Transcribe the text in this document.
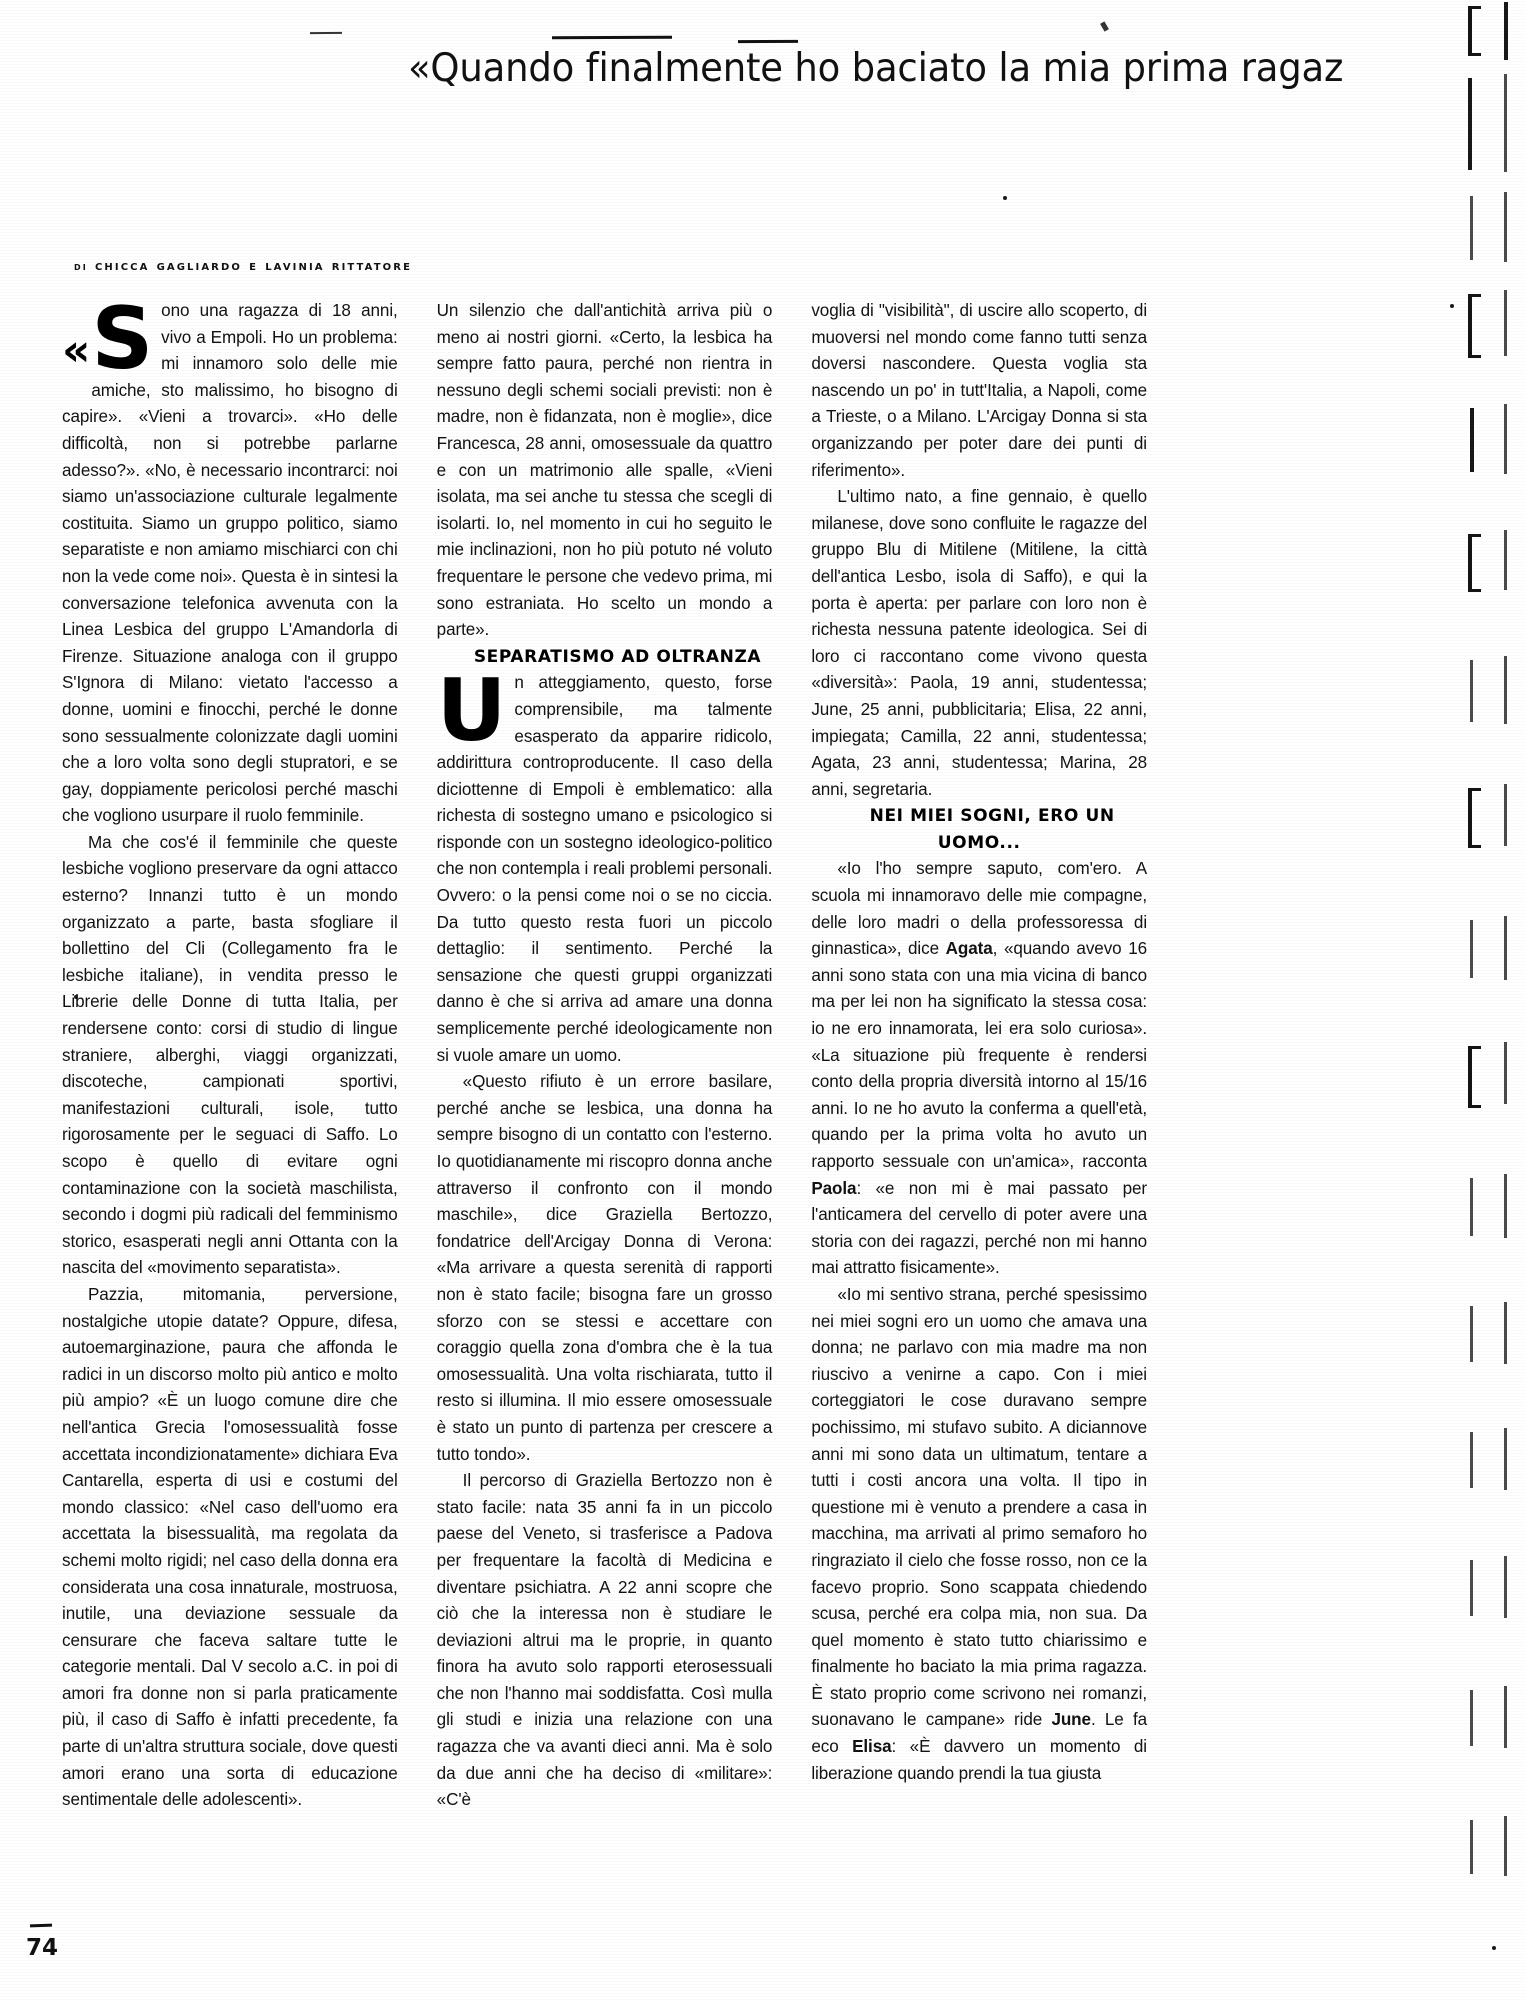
«Quando finalmente ho baciato la mia prima ragaz
di chicca gagliardo e lavinia rittatore

« S ono una ragazza di 18 anni, vivo a Empoli. Ho un problema: mi innamoro solo delle mie amiche, sto malissimo, ho bisogno di capire». «Vieni a trovarci». «Ho delle difficoltà, non si potrebbe parlarne adesso?». «No, è necessario incontrarci: noi siamo un'associazione culturale legalmente costituita. Siamo un gruppo politico, siamo separatiste e non amiamo mischiarci con chi non la vede come noi». Questa è in sintesi la conversazione telefonica avvenuta con la Linea Lesbica del gruppo L'Amandorla di Firenze. Situazione analoga con il gruppo S'Ignora di Milano: vietato l'accesso a donne, uomini e finocchi, perché le donne sono sessualmente colonizzate dagli uomini che a loro volta sono degli stupratori, e se gay, doppiamente pericolosi perché maschi che vogliono usurpare il ruolo femminile.

Ma che cos'é il femminile che queste lesbiche vogliono preservare da ogni attacco esterno? Innanzi tutto è un mondo organizzato a parte, basta sfogliare il bollettino del Cli (Collegamento fra le lesbiche italiane), in vendita presso le Librerie delle Donne di tutta Italia, per rendersene conto: corsi di studio di lingue straniere, alberghi, viaggi organizzati, discoteche, campionati sportivi, manifestazioni culturali, isole, tutto rigorosamente per le seguaci di Saffo. Lo scopo è quello di evitare ogni contaminazione con la società maschilista, secondo i dogmi più radicali del femminismo storico, esasperati negli anni Ottanta con la nascita del «movimento separatista».

Pazzia, mitomania, perversione, nostalgiche utopie datate? Oppure, difesa, autoemarginazione, paura che affonda le radici in un discorso molto più antico e molto più ampio? «È un luogo comune dire che nell'antica Grecia l'omosessualità fosse accettata incondizionatamente» dichiara Eva Cantarella, esperta di usi e costumi del mondo classico: «Nel caso dell'uomo era accettata la bisessualità, ma regolata da schemi molto rigidi; nel caso della donna era considerata una cosa innaturale, mostruosa, inutile, una deviazione sessuale da censurare che faceva saltare tutte le categorie mentali. Dal V secolo a.C. in poi di amori fra donne non si parla praticamente più, il caso di Saffo è infatti precedente, fa parte di un'altra struttura sociale, dove questi amori erano una sorta di educazione sentimentale delle adolescenti».

Un silenzio che dall'antichità arriva più o meno ai nostri giorni. «Certo, la lesbica ha sempre fatto paura, perché non rientra in nessuno degli schemi sociali previsti: non è madre, non è fidanzata, non è moglie», dice Francesca, 28 anni, omosessuale da quattro e con un matrimonio alle spalle, «Vieni isolata, ma sei anche tu stessa che scegli di isolarti. Io, nel momento in cui ho seguito le mie inclinazioni, non ho più potuto né voluto frequentare le persone che vedevo prima, mi sono estraniata. Ho scelto un mondo a parte».

SEPARATISMO AD OLTRANZA

Un atteggiamento, questo, forse comprensibile, ma talmente esasperato da apparire ridicolo, addirittura controproducente. Il caso della diciottenne di Empoli è emblematico: alla richesta di sostegno umano e psicologico si risponde con un sostegno ideologico-politico che non contempla i reali problemi personali. Ovvero: o la pensi come noi o se no ciccia. Da tutto questo resta fuori un piccolo dettaglio: il sentimento. Perché la sensazione che questi gruppi organizzati danno è che si arriva ad amare una donna semplicemente perché ideologicamente non si vuole amare un uomo.

«Questo rifiuto è un errore basilare, perché anche se lesbica, una donna ha sempre bisogno di un contatto con l'esterno. Io quotidianamente mi riscopro donna anche attraverso il confronto con il mondo maschile», dice Graziella Bertozzo, fondatrice dell'Arcigay Donna di Verona: «Ma arrivare a questa serenità di rapporti non è stato facile; bisogna fare un grosso sforzo con se stessi e accettare con coraggio quella zona d'ombra che è la tua omosessualità. Una volta rischiarata, tutto il resto si illumina. Il mio essere omosessuale è stato un punto di partenza per crescere a tutto tondo».

Il percorso di Graziella Bertozzo non è stato facile: nata 35 anni fa in un piccolo paese del Veneto, si trasferisce a Padova per frequentare la facoltà di Medicina e diventare psichiatra. A 22 anni scopre che ciò che la interessa non è studiare le deviazioni altrui ma le proprie, in quanto finora ha avuto solo rapporti eterosessuali che non l'hanno mai soddisfatta. Così mulla gli studi e inizia una relazione con una ragazza che va avanti dieci anni. Ma è solo da due anni che ha deciso di «militare»: «C'è

voglia di "visibilità", di uscire allo scoperto, di muoversi nel mondo come fanno tutti senza doversi nascondere. Questa voglia sta nascendo un po' in tutt'Italia, a Napoli, come a Trieste, o a Milano. L'Arcigay Donna si sta organizzando per poter dare dei punti di riferimento».

L'ultimo nato, a fine gennaio, è quello milanese, dove sono confluite le ragazze del gruppo Blu di Mitilene (Mitilene, la città dell'antica Lesbo, isola di Saffo), e qui la porta è aperta: per parlare con loro non è richesta nessuna patente ideologica. Sei di loro ci raccontano come vivono questa «diversità»: Paola, 19 anni, studentessa; June, 25 anni, pubblicitaria; Elisa, 22 anni, impiegata; Camilla, 22 anni, studentessa; Agata, 23 anni, studentessa; Marina, 28 anni, segretaria.

NEI MIEI SOGNI, ERO UN UOMO...

«Io l'ho sempre saputo, com'ero. A scuola mi innamoravo delle mie compagne, delle loro madri o della professoressa di ginnastica», dice Agata, «quando avevo 16 anni sono stata con una mia vicina di banco ma per lei non ha significato la stessa cosa: io ne ero innamorata, lei era solo curiosa». «La situazione più frequente è rendersi conto della propria diversità intorno al 15/16 anni. Io ne ho avuto la conferma a quell'età, quando per la prima volta ho avuto un rapporto sessuale con un'amica», racconta Paola: «e non mi è mai passato per l'anticamera del cervello di poter avere una storia con dei ragazzi, perché non mi hanno mai attratto fisicamente».

«Io mi sentivo strana, perché spesissimo nei miei sogni ero un uomo che amava una donna; ne parlavo con mia madre ma non riuscivo a venirne a capo. Con i miei corteggiatori le cose duravano sempre pochissimo, mi stufavo subito. A diciannove anni mi sono data un ultimatum, tentare a tutti i costi ancora una volta. Il tipo in questione mi è venuto a prendere a casa in macchina, ma arrivati al primo semaforo ho ringraziato il cielo che fosse rosso, non ce la facevo proprio. Sono scappata chiedendo scusa, perché era colpa mia, non sua. Da quel momento è stato tutto chiarissimo e finalmente ho baciato la mia prima ragazza. È stato proprio come scrivono nei romanzi, suonavano le campane» ride June. Le fa eco Elisa: «È davvero un momento di liberazione quando prendi la tua giusta

74
